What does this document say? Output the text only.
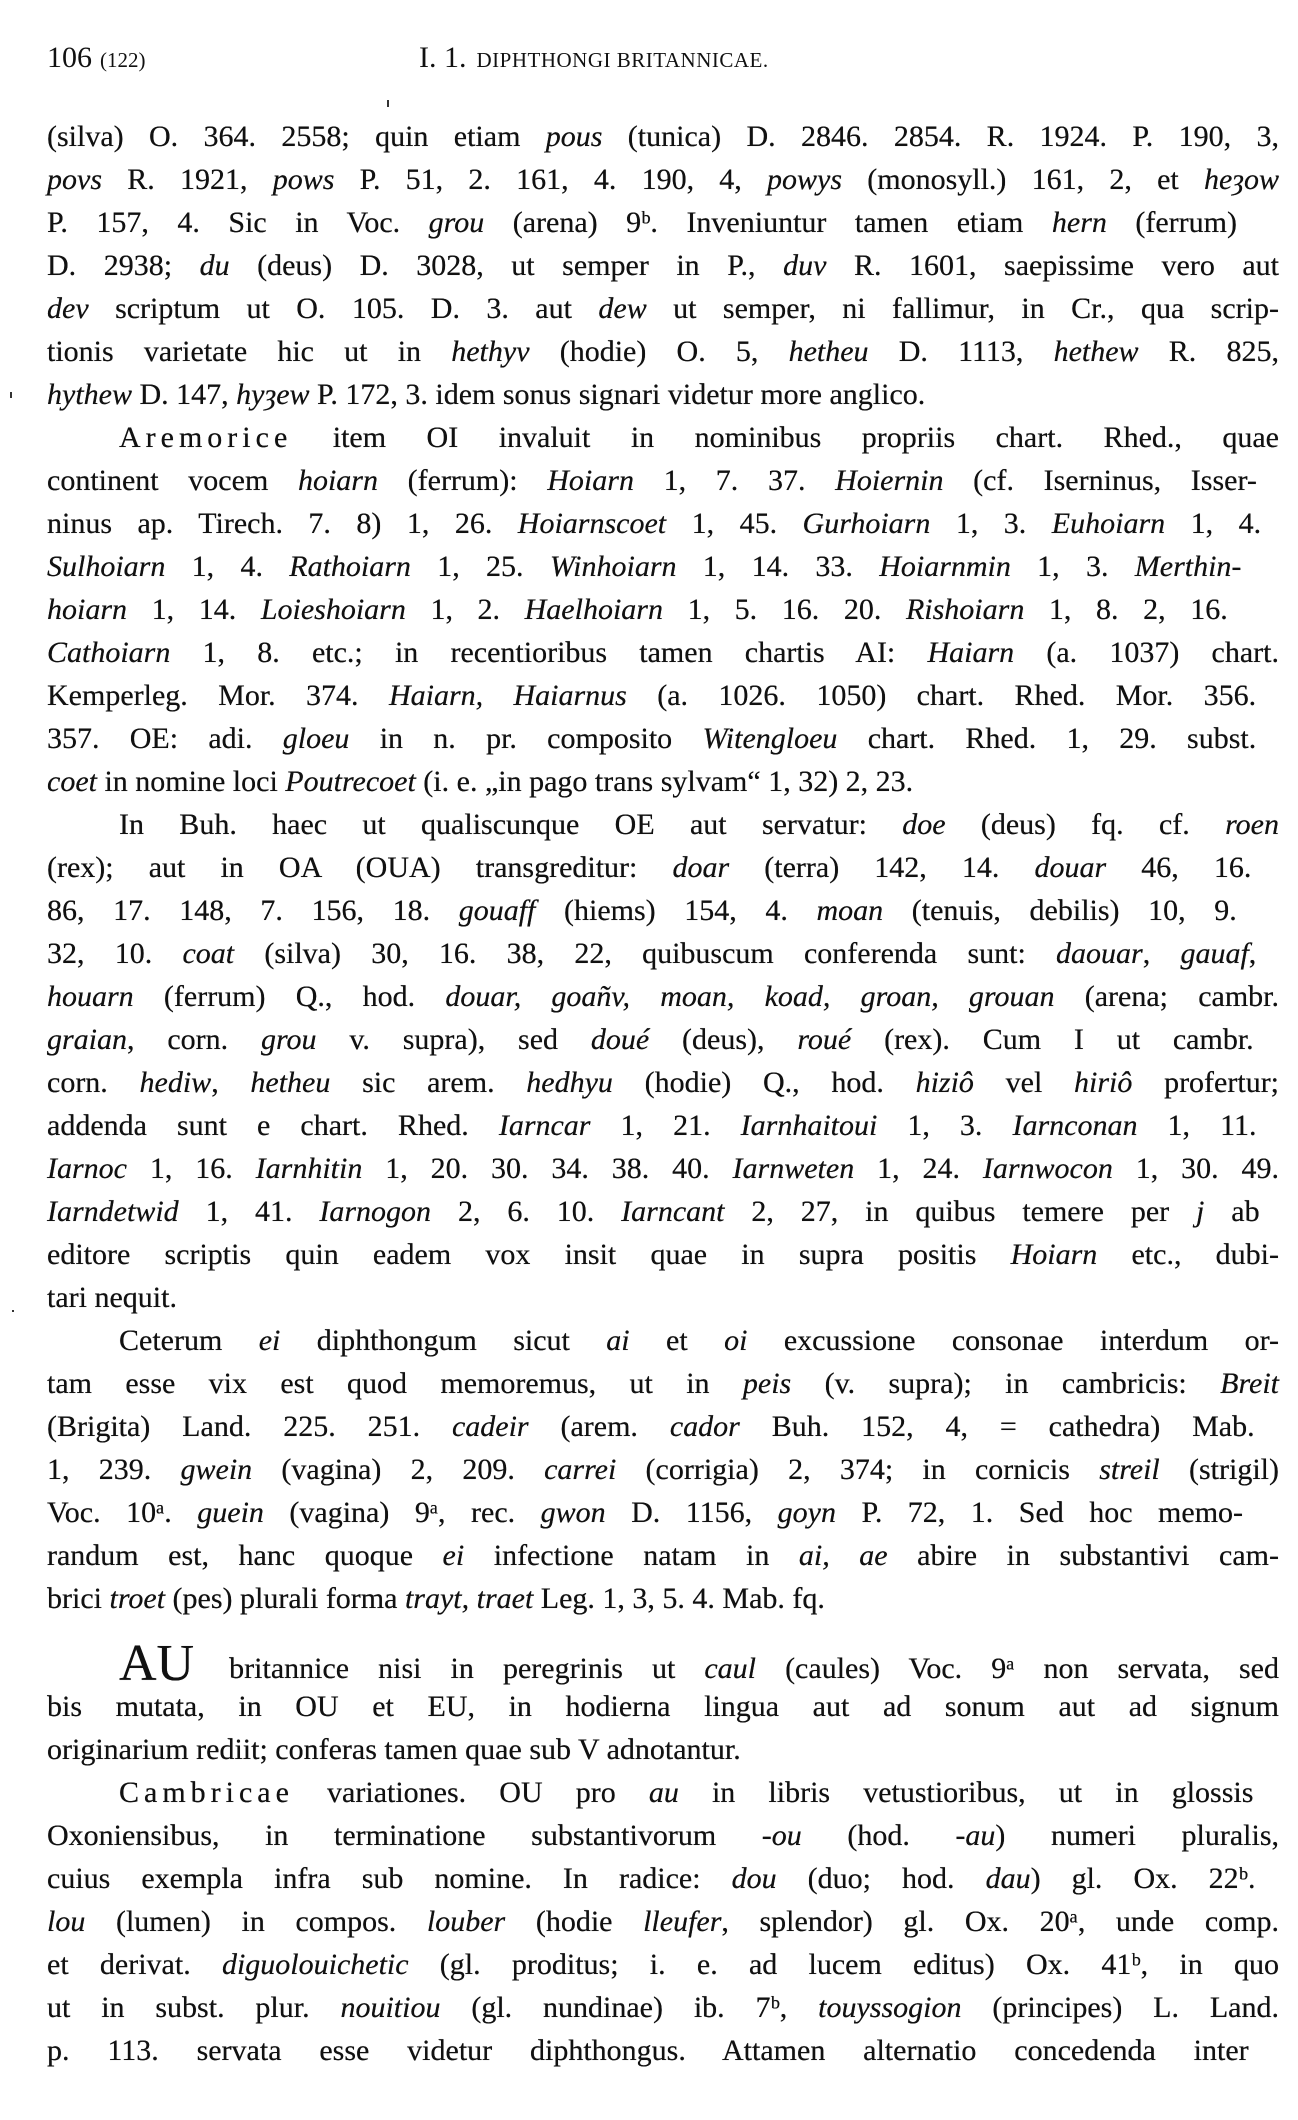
106 (122)	I. 1. DIPHTHONGI BRITANNICAE.
(silva) O. 364. 2558; quin etiam pous (tunica) D. 2846. 2854. R. 1924. P. 190, 3,
povs R. 1921, pows P. 51, 2. 161, 4. 190, 4, powys (monosyll.) 161, 2, et heȝow
P. 157, 4. Sic in Voc. grou (arena) 9ᵇ. Inveniuntur tamen etiam hern (ferrum)
D. 2938; du (deus) D. 3028, ut semper in P., duv R. 1601, saepissime vero aut
dev scriptum ut O. 105. D. 3. aut dew ut semper, ni fallimur, in Cr., qua scrip-
tionis varietate hic ut in hethyv (hodie) O. 5, hetheu D. 1113, hethew R. 825,
hythew D. 147, hyȝew P. 172, 3. idem sonus signari videtur more anglico.
Aremorice item OI invaluit in nominibus propriis chart. Rhed., quae
continent vocem hoiarn (ferrum): Hoiarn 1, 7. 37. Hoiernin (cf. Iserninus, Isser-
ninus ap. Tirech. 7. 8) 1, 26. Hoiarnscoet 1, 45. Gurhoiarn 1, 3. Euhoiarn 1, 4.
Sulhoiarn 1, 4. Rathoiarn 1, 25. Winhoiarn 1, 14. 33. Hoiarnmin 1, 3. Merthin-
hoiarn 1, 14. Loieshoiarn 1, 2. Haelhoiarn 1, 5. 16. 20. Rishoiarn 1, 8. 2, 16.
Cathoiarn 1, 8. etc.; in recentioribus tamen chartis AI: Haiarn (a. 1037) chart.
Kemperleg. Mor. 374. Haiarn, Haiarnus (a. 1026. 1050) chart. Rhed. Mor. 356.
357. OE: adi. gloeu in n. pr. composito Witengloeu chart. Rhed. 1, 29. subst.
coet in nomine loci Poutrecoet (i. e. „in pago trans sylvam“ 1, 32) 2, 23.
In Buh. haec ut qualiscunque OE aut servatur: doe (deus) fq. cf. roen
(rex); aut in OA (OUA) transgreditur: doar (terra) 142, 14. douar 46, 16.
86, 17. 148, 7. 156, 18. gouaff (hiems) 154, 4. moan (tenuis, debilis) 10, 9.
32, 10. coat (silva) 30, 16. 38, 22, quibuscum conferenda sunt: daouar, gauaf,
houarn (ferrum) Q., hod. douar, goañv, moan, koad, groan, grouan (arena; cambr.
graian, corn. grou v. supra), sed doué (deus), roué (rex). Cum I ut cambr.
corn. hediw, hetheu sic arem. hedhyu (hodie) Q., hod. hiziô vel hiriô profertur;
addenda sunt e chart. Rhed. Iarncar 1, 21. Iarnhaitoui 1, 3. Iarnconan 1, 11.
Iarnoc 1, 16. Iarnhitin 1, 20. 30. 34. 38. 40. Iarnweten 1, 24. Iarnwocon 1, 30. 49.
Iarndetwid 1, 41. Iarnogon 2, 6. 10. Iarncant 2, 27, in quibus temere per j ab
editore scriptis quin eadem vox insit quae in supra positis Hoiarn etc., dubi-
tari nequit.
Ceterum ei diphthongum sicut ai et oi excussione consonae interdum or-
tam esse vix est quod memoremus, ut in peis (v. supra); in cambricis: Breit
(Brigita) Land. 225. 251. cadeir (arem. cador Buh. 152, 4, = cathedra) Mab.
1, 239. gwein (vagina) 2, 209. carrei (corrigia) 2, 374; in cornicis streil (strigil)
Voc. 10ᵃ. guein (vagina) 9ᵃ, rec. gwon D. 1156, goyn P. 72, 1. Sed hoc memo-
randum est, hanc quoque ei infectione natam in ai, ae abire in substantivi cam-
brici troet (pes) plurali forma trayt, traet Leg. 1, 3, 5. 4. Mab. fq.
AU britannice nisi in peregrinis ut caul (caules) Voc. 9ᵃ non servata, sed
bis mutata, in OU et EU, in hodierna lingua aut ad sonum aut ad signum
originarium rediit; conferas tamen quae sub V adnotantur.
Cambricae variationes. OU pro au in libris vetustioribus, ut in glossis
Oxoniensibus, in terminatione substantivorum -ou (hod. -au) numeri pluralis,
cuius exempla infra sub nomine. In radice: dou (duo; hod. dau) gl. Ox. 22ᵇ.
lou (lumen) in compos. louber (hodie lleufer, splendor) gl. Ox. 20ᵃ, unde comp.
et derivat. diguolouichetic (gl. proditus; i. e. ad lucem editus) Ox. 41ᵇ, in quo
ut in subst. plur. nouitiou (gl. nundinae) ib. 7ᵇ, touyssogion (principes) L. Land.
p. 113. servata esse videtur diphthongus. Attamen alternatio concedenda inter
